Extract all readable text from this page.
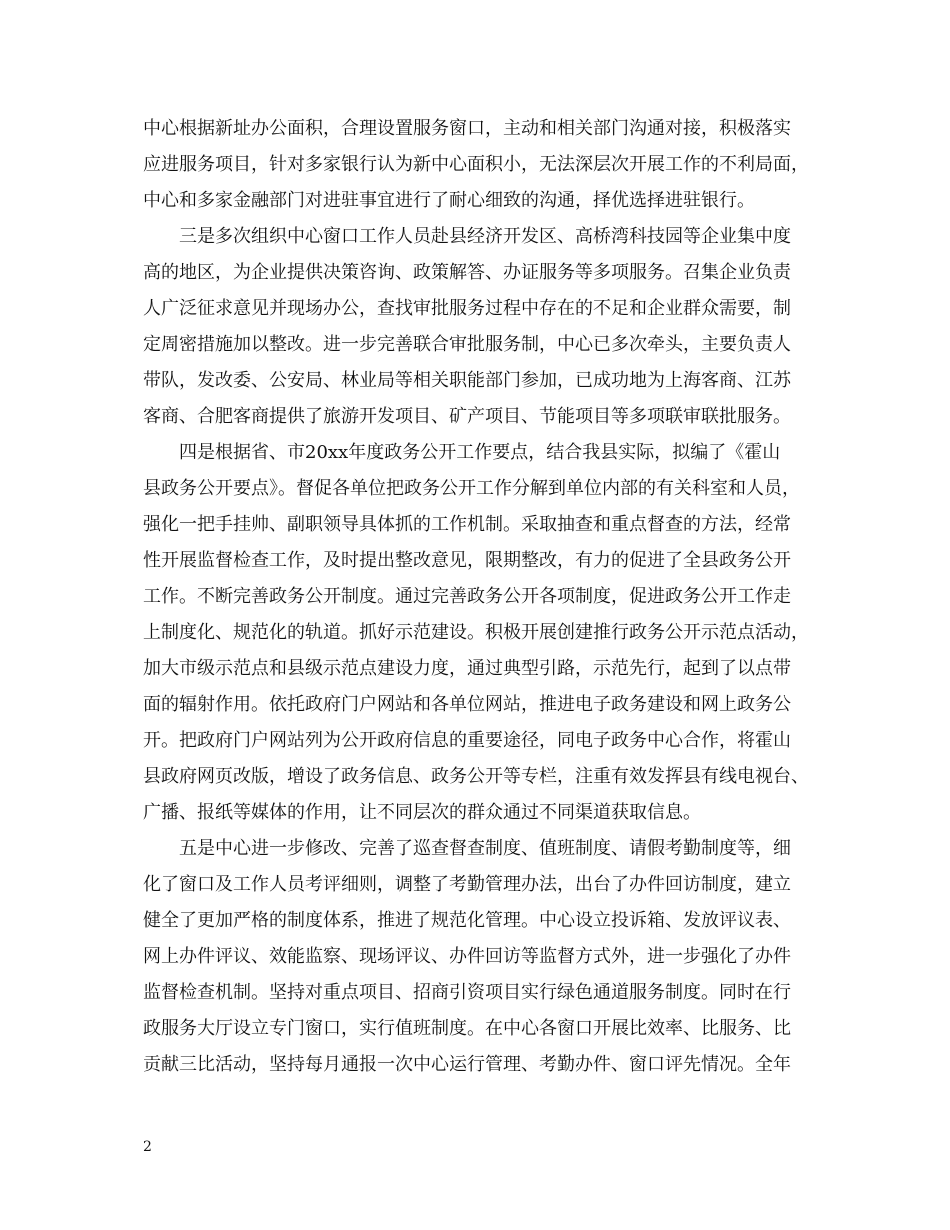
中心根据新址办公面积，合理设置服务窗口，主动和相关部门沟通对接，积极落实
应进服务项目，针对多家银行认为新中心面积小，无法深层次开展工作的不利局面，
中心和多家金融部门对进驻事宜进行了耐心细致的沟通，择优选择进驻银行。
三是多次组织中心窗口工作人员赴县经济开发区、高桥湾科技园等企业集中度
高的地区，为企业提供决策咨询、政策解答、办证服务等多项服务。召集企业负责
人广泛征求意见并现场办公，查找审批服务过程中存在的不足和企业群众需要，制
定周密措施加以整改。进一步完善联合审批服务制，中心已多次牵头，主要负责人
带队，发改委、公安局、林业局等相关职能部门参加，已成功地为上海客商、江苏
客商、合肥客商提供了旅游开发项目、矿产项目、节能项目等多项联审联批服务。
四是根据省、市20xx年度政务公开工作要点，结合我县实际，拟编了《霍山
县政务公开要点》。督促各单位把政务公开工作分解到单位内部的有关科室和人员，
强化一把手挂帅、副职领导具体抓的工作机制。采取抽查和重点督查的方法，经常
性开展监督检查工作，及时提出整改意见，限期整改，有力的促进了全县政务公开
工作。不断完善政务公开制度。通过完善政务公开各项制度，促进政务公开工作走
上制度化、规范化的轨道。抓好示范建设。积极开展创建推行政务公开示范点活动，
加大市级示范点和县级示范点建设力度，通过典型引路，示范先行，起到了以点带
面的辐射作用。依托政府门户网站和各单位网站，推进电子政务建设和网上政务公
开。把政府门户网站列为公开政府信息的重要途径，同电子政务中心合作，将霍山
县政府网页改版，增设了政务信息、政务公开等专栏，注重有效发挥县有线电视台、
广播、报纸等媒体的作用，让不同层次的群众通过不同渠道获取信息。
五是中心进一步修改、完善了巡查督查制度、值班制度、请假考勤制度等，细
化了窗口及工作人员考评细则，调整了考勤管理办法，出台了办件回访制度，建立
健全了更加严格的制度体系，推进了规范化管理。中心设立投诉箱、发放评议表、
网上办件评议、效能监察、现场评议、办件回访等监督方式外，进一步强化了办件
监督检查机制。坚持对重点项目、招商引资项目实行绿色通道服务制度。同时在行
政服务大厅设立专门窗口，实行值班制度。在中心各窗口开展比效率、比服务、比
贡献三比活动，坚持每月通报一次中心运行管理、考勤办件、窗口评先情况。全年
2
